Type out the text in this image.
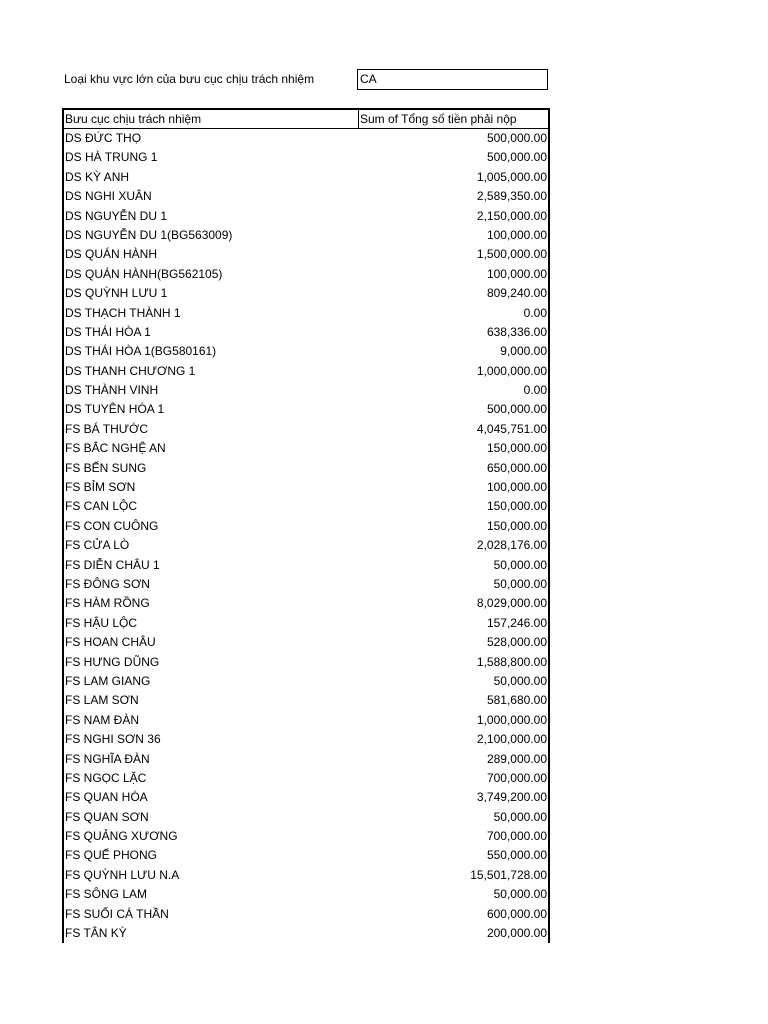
Loại khu vực lớn của bưu cục chịu trách nhiệm	CA
Bưu cục chịu trách nhiệm	Sum of Tổng số tiền phải nộp
DS ĐỨC THỌ	500,000.00
DS HÀ TRUNG 1	500,000.00
DS KỲ ANH	1,005,000.00
DS NGHI XUÂN	2,589,350.00
DS NGUYỄN DU 1	2,150,000.00
DS NGUYỄN DU 1(BG563009)	100,000.00
DS QUÁN HÀNH	1,500,000.00
DS QUÁN HÀNH(BG562105)	100,000.00
DS QUỲNH LƯU 1	809,240.00
DS THẠCH THÀNH 1	0.00
DS THÁI HÒA 1	638,336.00
DS THÁI HÒA 1(BG580161)	9,000.00
DS THANH CHƯƠNG 1	1,000,000.00
DS THÀNH VINH	0.00
DS TUYÊN HÓA 1	500,000.00
FS BÁ THƯỚC	4,045,751.00
FS BẮC NGHỆ AN	150,000.00
FS BẾN SUNG	650,000.00
FS BỈM SƠN	100,000.00
FS CAN LỘC	150,000.00
FS CON CUÔNG	150,000.00
FS CỬA LÒ	2,028,176.00
FS DIỄN CHÂU 1	50,000.00
FS ĐÔNG SƠN	50,000.00
FS HÀM RỒNG	8,029,000.00
FS HẬU LỘC	157,246.00
FS HOAN CHÂU	528,000.00
FS HƯNG DŨNG	1,588,800.00
FS LAM GIANG	50,000.00
FS LAM SƠN	581,680.00
FS NAM ĐÀN	1,000,000.00
FS NGHI SƠN 36	2,100,000.00
FS NGHĨA ĐÀN	289,000.00
FS NGỌC LẶC	700,000.00
FS QUAN HÓA	3,749,200.00
FS QUAN SƠN	50,000.00
FS QUẢNG XƯƠNG	700,000.00
FS QUẾ PHONG	550,000.00
FS QUỲNH LƯU N.A	15,501,728.00
FS SÔNG LAM	50,000.00
FS SUỐI CÁ THẦN	600,000.00
FS TÂN KỲ	200,000.00
